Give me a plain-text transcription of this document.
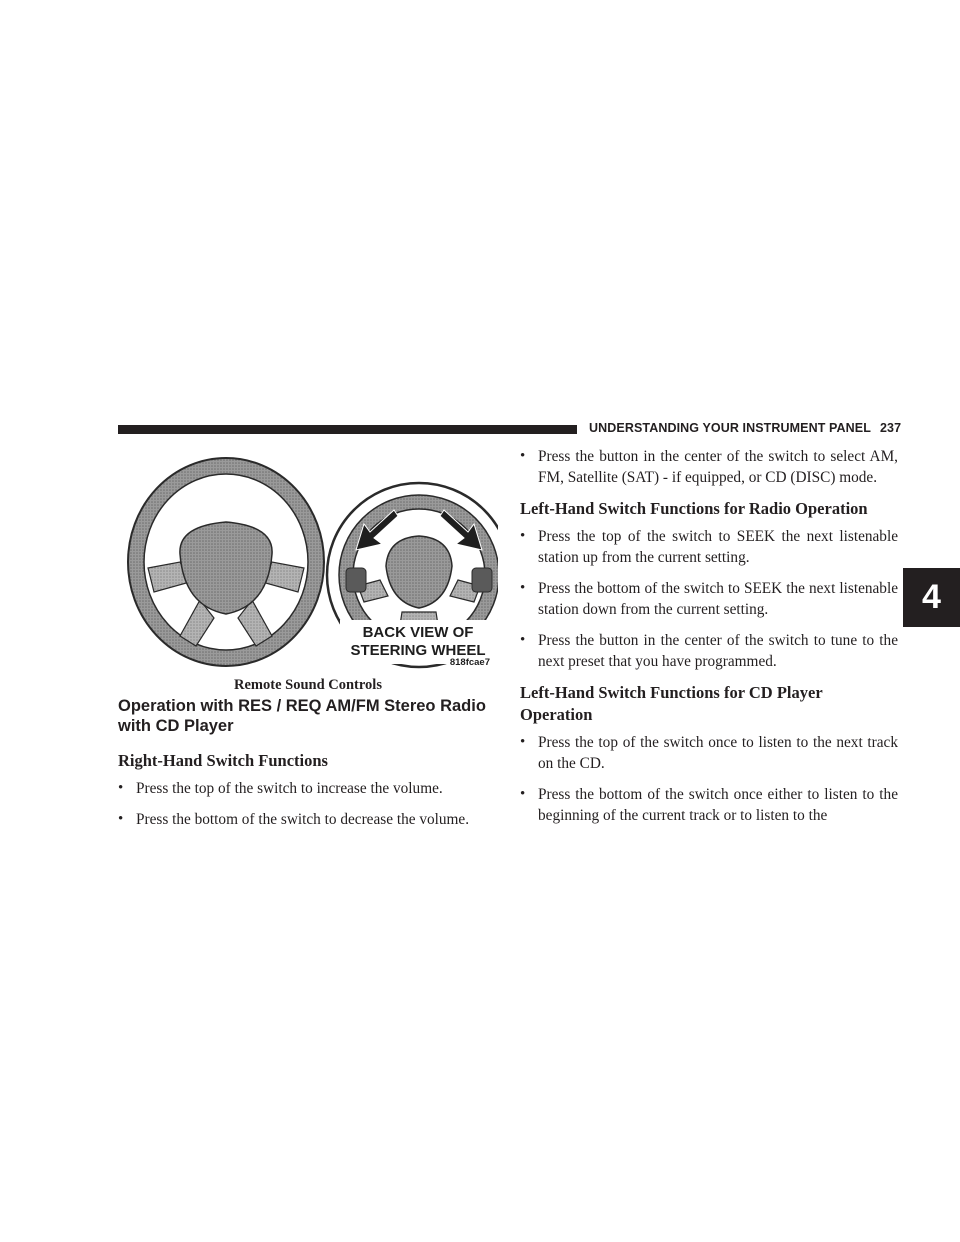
UNDERSTANDING YOUR INSTRUMENT PANEL 237
4
BACK VIEW OF
STEERING WHEEL
818fcae7
Remote Sound Controls
Operation with RES / REQ AM/FM Stereo Radio with CD Player
Right-Hand Switch Functions
• Press the top of the switch to increase the volume.
• Press the bottom of the switch to decrease the volume.
• Press the button in the center of the switch to select AM, FM, Satellite (SAT) - if equipped, or CD (DISC) mode.
Left-Hand Switch Functions for Radio Operation
• Press the top of the switch to SEEK the next listenable station up from the current setting.
• Press the bottom of the switch to SEEK the next listenable station down from the current setting.
• Press the button in the center of the switch to tune to the next preset that you have programmed.
Left-Hand Switch Functions for CD Player Operation
• Press the top of the switch once to listen to the next track on the CD.
• Press the bottom of the switch once either to listen to the beginning of the current track or to listen to the
